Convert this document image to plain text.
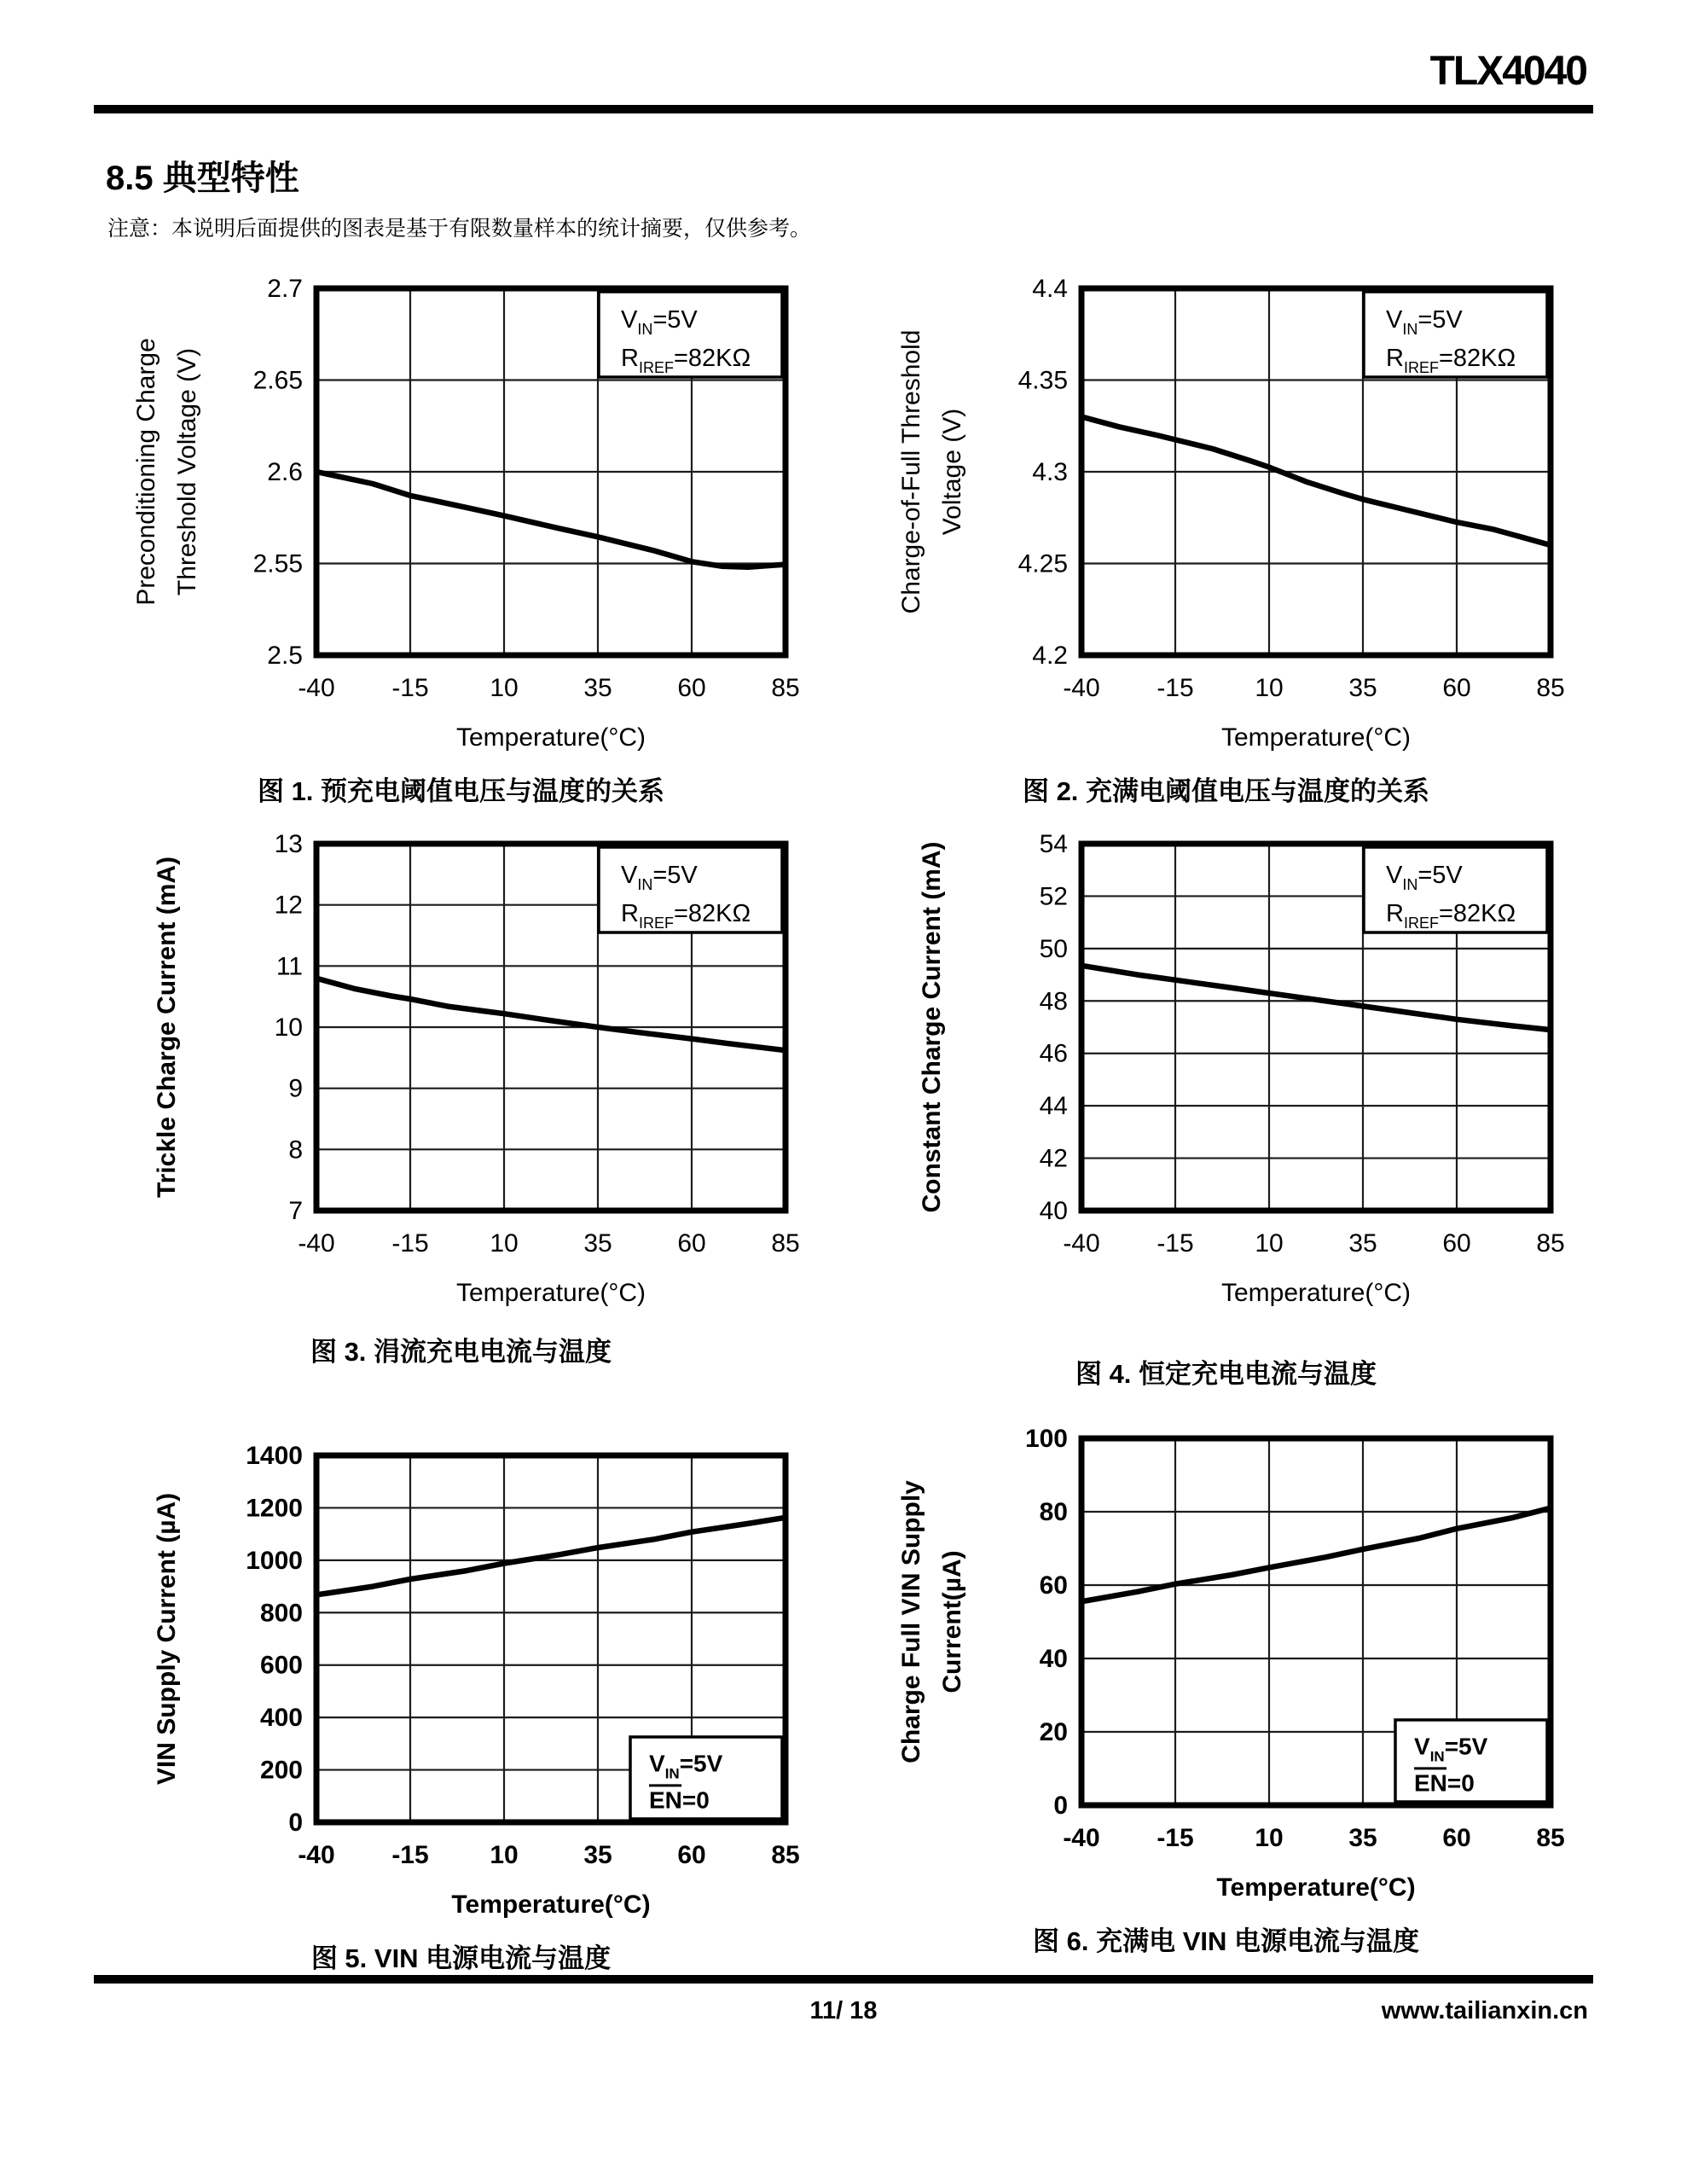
TLX4040
8.5 典型特性

注意：本说明后面提供的图表是基于有限数量样本的统计摘要，仅供参考。

$V_{IN}=5V$
$R_{IREF}=82K\Omega$
-40 -15 10	35	60	85
2.5
2.55
2.6
2.65
2.7
Temperature(°C)
Preconditioning Charge Threshold Voltage (V)
图 1. 预充电阈值电压与温度的关系
$V_{IN}=5V$
$R_{IREF}=82K\Omega$
-40 -15 10	35	60	85
4.2
4.25
4.3
4.35
4.4
Temperature(°C)
Charge-of-Full Threshold Voltage (V)
图 2. 充满电阈值电压与温度的关系
$V_{IN}=5V$
$R_{IREF}=82K\Omega$
-40 -15 10	35	60	85
7
8
9
10
11
12
13
Temperature(°C)
Trickle Charge Current (mA)
图 3. 涓流充电电流与温度
$V_{IN}=5V$
$R_{IREF}=82K\Omega$
-40 -15 10	35	60	85
40
42
44
46
48
50
52
54
Temperature(°C)
Constant Charge Current (mA)
图 4. 恒定充电电流与温度
$V_{IN}=5V$
EN=0
-40 -15 10	35	60	85
0
200
400
600
800
1000
1200
1400
Temperature(°C)
VIN Supply Current (µA)
图 5. VIN 电源电流与温度
$V_{IN}=5V$
EN=0
-40 -15 10	35	60	85
0
20
40
60
80
100
Temperature(°C)
Charge Full VIN Supply Current(µA)
图 6. 充满电 VIN 电源电流与温度
11/ 18	www.tailianxin.cn
